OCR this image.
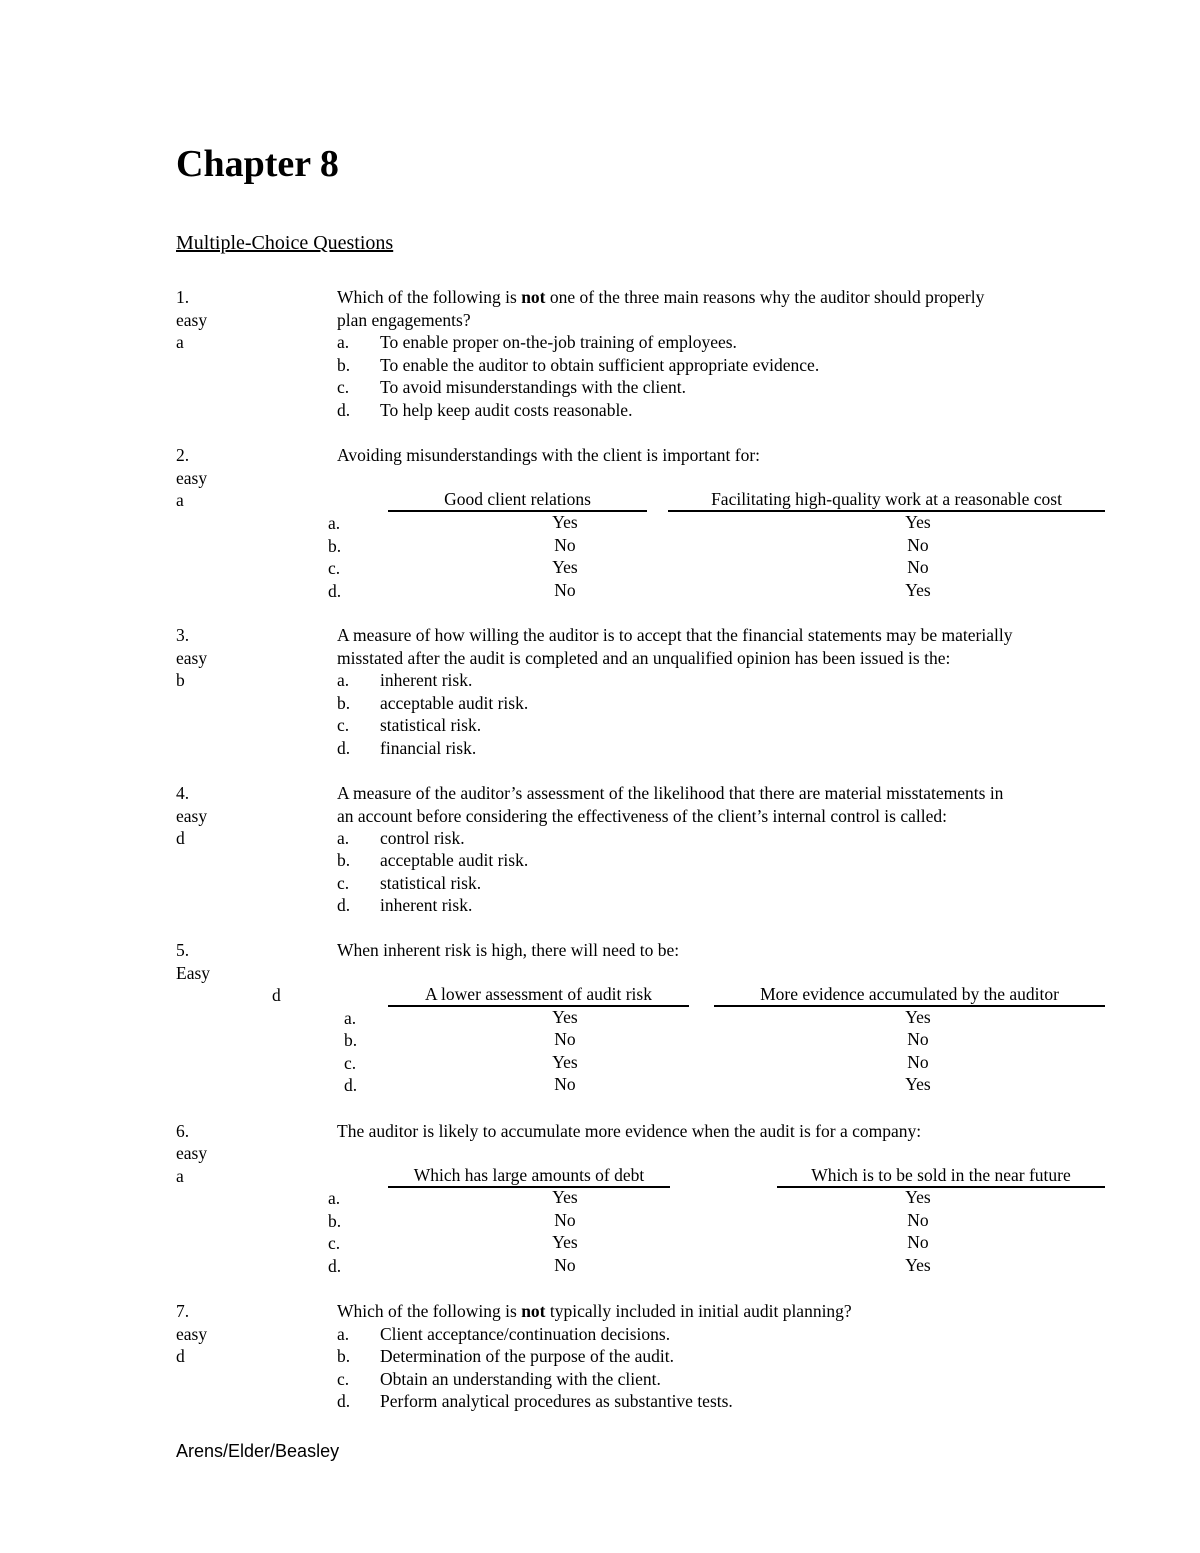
Chapter 8
Multiple-Choice Questions
1.
easy
a
Which of the following is not one of the three main reasons why the auditor should properly
plan engagements?
a. To enable proper on-the-job training of employees.
b. To enable the auditor to obtain sufficient appropriate evidence.
c. To avoid misunderstandings with the client.
d. To help keep audit costs reasonable.
2.
easy
a
Avoiding misunderstandings with the client is important for:
Good client relations	Facilitating high-quality work at a reasonable cost
a.	Yes	Yes
b.	No	No
c.	Yes	No
d.	No	Yes
3.
easy
b
A measure of how willing the auditor is to accept that the financial statements may be materially
misstated after the audit is completed and an unqualified opinion has been issued is the:
a. inherent risk.
b. acceptable audit risk.
c. statistical risk.
d. financial risk.
4.
easy
d
A measure of the auditor’s assessment of the likelihood that there are material misstatements in
an account before considering the effectiveness of the client’s internal control is called:
a. control risk.
b. acceptable audit risk.
c. statistical risk.
d. inherent risk.
5.
Easy
d
When inherent risk is high, there will need to be:
A lower assessment of audit risk	More evidence accumulated by the auditor
a.	Yes	Yes
b.	No	No
c.	Yes	No
d.	No	Yes
6.
easy
a
The auditor is likely to accumulate more evidence when the audit is for a company:
Which has large amounts of debt	Which is to be sold in the near future
a.	Yes	Yes
b.	No	No
c.	Yes	No
d.	No	Yes
7.
easy
d
Which of the following is not typically included in initial audit planning?
a. Client acceptance/continuation decisions.
b. Determination of the purpose of the audit.
c. Obtain an understanding with the client.
d. Perform analytical procedures as substantive tests.
Arens/Elder/Beasley
